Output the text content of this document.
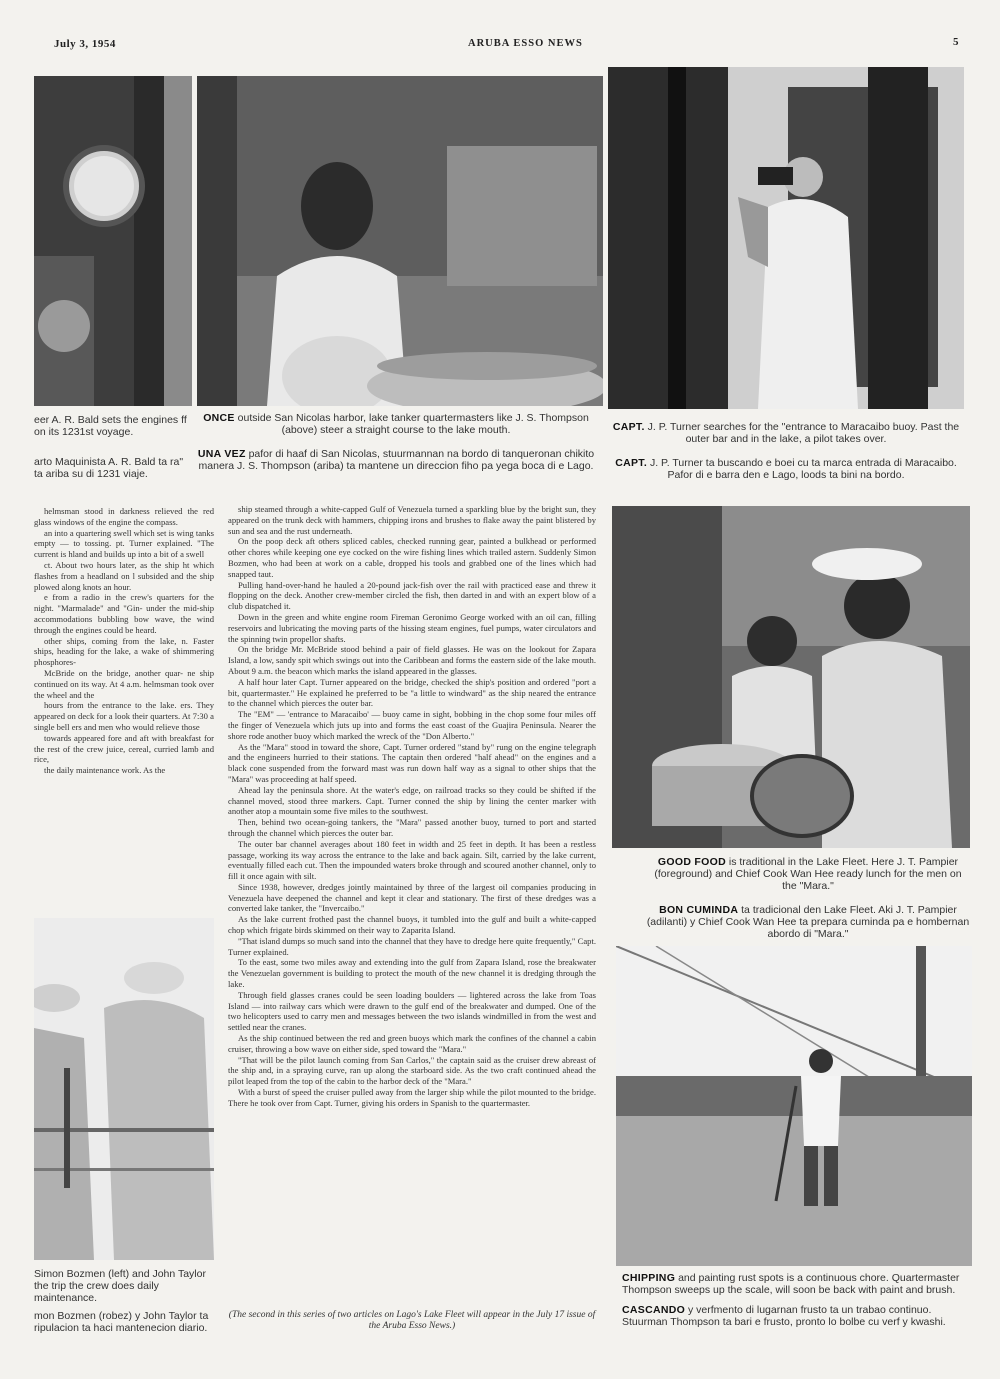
July 3, 1954	ARUBA ESSO NEWS	5
eer A. R. Bald sets the engines ff on its 1231st voyage.
arto Maquinista A. R. Bald ta ra" ta ariba su di 1231 viaje.
ONCE outside San Nicolas harbor, lake tanker quartermasters like J. S. Thompson (above) steer a straight course to the lake mouth.
UNA VEZ pafor di haaf di San Nicolas, stuurmannan na bordo di tanqueronan chikito manera J. S. Thompson (ariba) ta mantene un direccion fiho pa yega boca di e Lago.
CAPT. J. P. Turner searches for the "entrance to Maracaibo buoy. Past the outer bar and in the lake, a pilot takes over.
CAPT. J. P. Turner ta buscando e boei cu ta marca entrada di Maracaibo. Pafor di e barra den e Lago, loods ta bini na bordo.

helmsman stood in darkness relieved the red glass windows of the engine the compass.

an into a quartering swell which set is wing tanks empty — to tossing. pt. Turner explained. "The current is hland and builds up into a bit of a swell

ct. About two hours later, as the ship ht which flashes from a headland on l subsided and the ship plowed along knots an hour.

e from a radio in the crew's quarters for the night. "Marmalade" and "Gin- under the mid-ship accommodations bubbling bow wave, the wind through the engines could be heard.

other ships, coming from the lake, n. Faster ships, heading for the lake, a wake of shimmering phosphores-

McBride on the bridge, another quar- ne ship continued on its way. At 4 a.m. helmsman took over the wheel and the

hours from the entrance to the lake. ers. They appeared on deck for a look their quarters. At 7:30 a single bell ers and men who would relieve those

towards appeared fore and aft with breakfast for the rest of the crew juice, cereal, curried lamb and rice,

the daily maintenance work. As the

ship steamed through a white-capped Gulf of Venezuela turned a sparkling blue by the bright sun, they appeared on the trunk deck with hammers, chipping irons and brushes to flake away the paint blistered by sun and sea and the rust underneath.

On the poop deck aft others spliced cables, checked running gear, painted a bulkhead or performed other chores while keeping one eye cocked on the wire fishing lines which trailed astern. Suddenly Simon Bozmen, who had been at work on a cable, dropped his tools and grabbed one of the lines which had snapped taut.

Pulling hand-over-hand he hauled a 20-pound jack-fish over the rail with practiced ease and threw it flopping on the deck. Another crew-member circled the fish, then darted in and with an expert blow of a club dispatched it.

Down in the green and white engine room Fireman Geronimo George worked with an oil can, filling reservoirs and lubricating the moving parts of the hissing steam engines, fuel pumps, water circulators and the spinning twin propellor shafts.

On the bridge Mr. McBride stood behind a pair of field glasses. He was on the lookout for Zapara Island, a low, sandy spit which swings out into the Caribbean and forms the eastern side of the lake mouth. About 9 a.m. the beacon which marks the island appeared in the glasses.

A half hour later Capt. Turner appeared on the bridge, checked the ship's position and ordered "port a bit, quartermaster." He explained he preferred to be "a little to windward" as the ship neared the entrance to the channel which pierces the outer bar.

The "EM" — 'entrance to Maracaibo' — buoy came in sight, bobbing in the chop some four miles off the finger of Venezuela which juts up into and forms the east coast of the Guajira Peninsula. Nearer the shore rode another buoy which marked the wreck of the "Don Alberto."

As the "Mara" stood in toward the shore, Capt. Turner ordered "stand by" rung on the engine telegraph and the engineers hurried to their stations. The captain then ordered "half ahead" on the engines and a black cone suspended from the forward mast was run down half way as a signal to other ships that the "Mara" was proceeding at half speed.

Ahead lay the peninsula shore. At the water's edge, on railroad tracks so they could be shifted if the channel moved, stood three markers. Capt. Turner conned the ship by lining the center marker with another atop a mountain some five miles to the southwest.

Then, behind two ocean-going tankers, the "Mara" passed another buoy, turned to port and started through the channel which pierces the outer bar.

The outer bar channel averages about 180 feet in width and 25 feet in depth. It has been a restless passage, working its way across the entrance to the lake and back again. Silt, carried by the lake current, eventually filled each cut. Then the impounded waters broke through and scoured another channel, only to fill it once again with silt.

Since 1938, however, dredges jointly maintained by three of the largest oil companies producing in Venezuela have deepened the channel and kept it clear and stationary. The first of these dredges was a converted lake tanker, the "Invercaibo."

As the lake current frothed past the channel buoys, it tumbled into the gulf and built a white-capped chop which frigate birds skimmed on their way to Zaparita Island.

"That island dumps so much sand into the channel that they have to dredge here quite frequently," Capt. Turner explained.

To the east, some two miles away and extending into the gulf from Zapara Island, rose the breakwater the Venezuelan government is building to protect the mouth of the new channel it is dredging through the lake.

Through field glasses cranes could be seen loading boulders — lightered across the lake from Toas Island — into railway cars which were drawn to the gulf end of the breakwater and dumped. One of the two helicopters used to carry men and messages between the two islands windmilled in from the west and settled near the cranes.

As the ship continued between the red and green buoys which mark the confines of the channel a cabin cruiser, throwing a bow wave on either side, sped toward the "Mara."

"That will be the pilot launch coming from San Carlos," the captain said as the cruiser drew abreast of the ship and, in a spraying curve, ran up along the starboard side. As the two craft continued ahead the pilot leaped from the top of the cabin to the harbor deck of the "Mara."

With a burst of speed the cruiser pulled away from the larger ship while the pilot mounted to the bridge. There he took over from Capt. Turner, giving his orders in Spanish to the quartermaster.

(The second in this series of two articles on Lago's Lake Fleet will appear in the July 17 issue of the Aruba Esso News.)
Simon Bozmen (left) and John Taylor the trip the crew does daily maintenance.
mon Bozmen (robez) y John Taylor ta ripulacion ta haci mantenecion diario.
GOOD FOOD is traditional in the Lake Fleet. Here J. T. Pampier (foreground) and Chief Cook Wan Hee ready lunch for the men on the "Mara."
BON CUMINDA ta tradicional den Lake Fleet. Aki J. T. Pampier (adilanti) y Chief Cook Wan Hee ta prepara cuminda pa e hombernan abordo di "Mara."
CHIPPING and painting rust spots is a continuous chore. Quartermaster Thompson sweeps up the scale, will soon be back with paint and brush.
CASCANDO y verfmento di lugarnan frusto ta un trabao continuo. Stuurman Thompson ta bari e frusto, pronto lo bolbe cu verf y kwashi.
